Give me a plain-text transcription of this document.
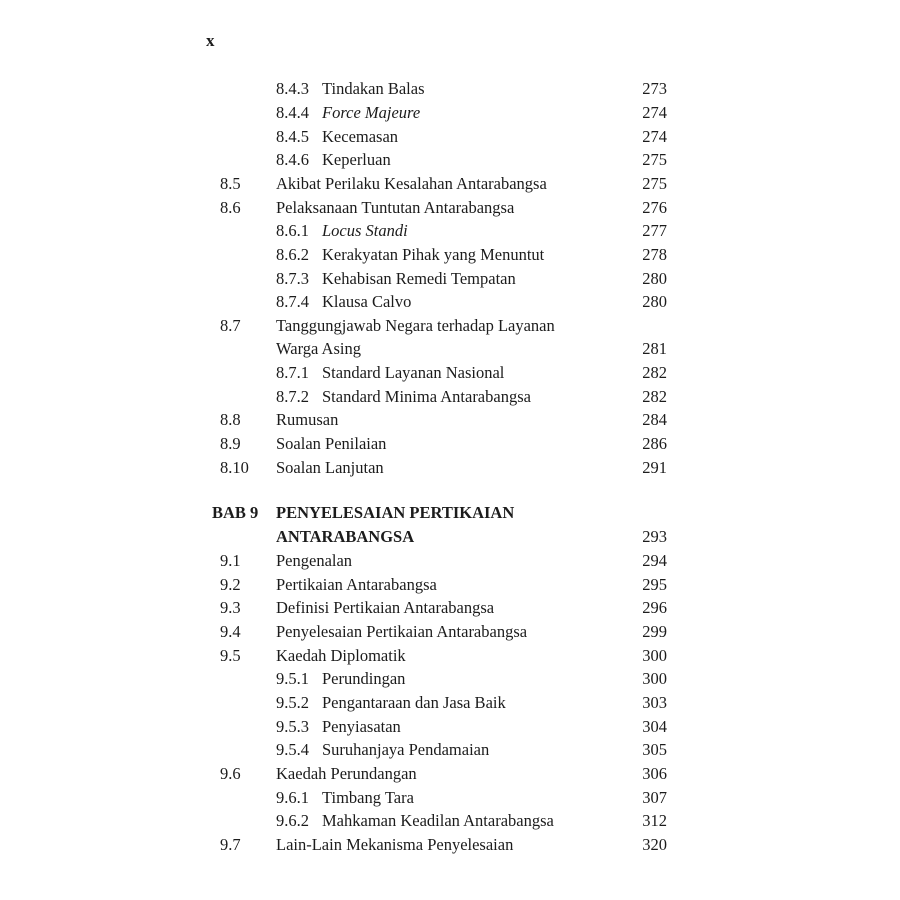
x
8.4.3 Tindakan Balas	273
8.4.4 Force Majeure	274
8.4.5 Kecemasan	274
8.4.6 Keperluan	275
8.5 Akibat Perilaku Kesalahan Antarabangsa	275
8.6 Pelaksanaan Tuntutan Antarabangsa	276
8.6.1 Locus Standi	277
8.6.2 Kerakyatan Pihak yang Menuntut	278
8.7.3 Kehabisan Remedi Tempatan	280
8.7.4 Klausa Calvo	280
8.7 Tanggungjawab Negara terhadap Layanan
Warga Asing	281
8.7.1 Standard Layanan Nasional	282
8.7.2 Standard Minima Antarabangsa	282
8.8 Rumusan	284
8.9 Soalan Penilaian	286
8.10 Soalan Lanjutan	291
BAB 9 PENYELESAIAN PERTIKAIAN
ANTARABANGSA	293
9.1 Pengenalan	294
9.2 Pertikaian Antarabangsa	295
9.3 Definisi Pertikaian Antarabangsa	296
9.4 Penyelesaian Pertikaian Antarabangsa	299
9.5 Kaedah Diplomatik	300
9.5.1 Perundingan	300
9.5.2 Pengantaraan dan Jasa Baik	303
9.5.3 Penyiasatan	304
9.5.4 Suruhanjaya Pendamaian	305
9.6 Kaedah Perundangan	306
9.6.1 Timbang Tara	307
9.6.2 Mahkaman Keadilan Antarabangsa	312
9.7 Lain-Lain Mekanisma Penyelesaian	320
